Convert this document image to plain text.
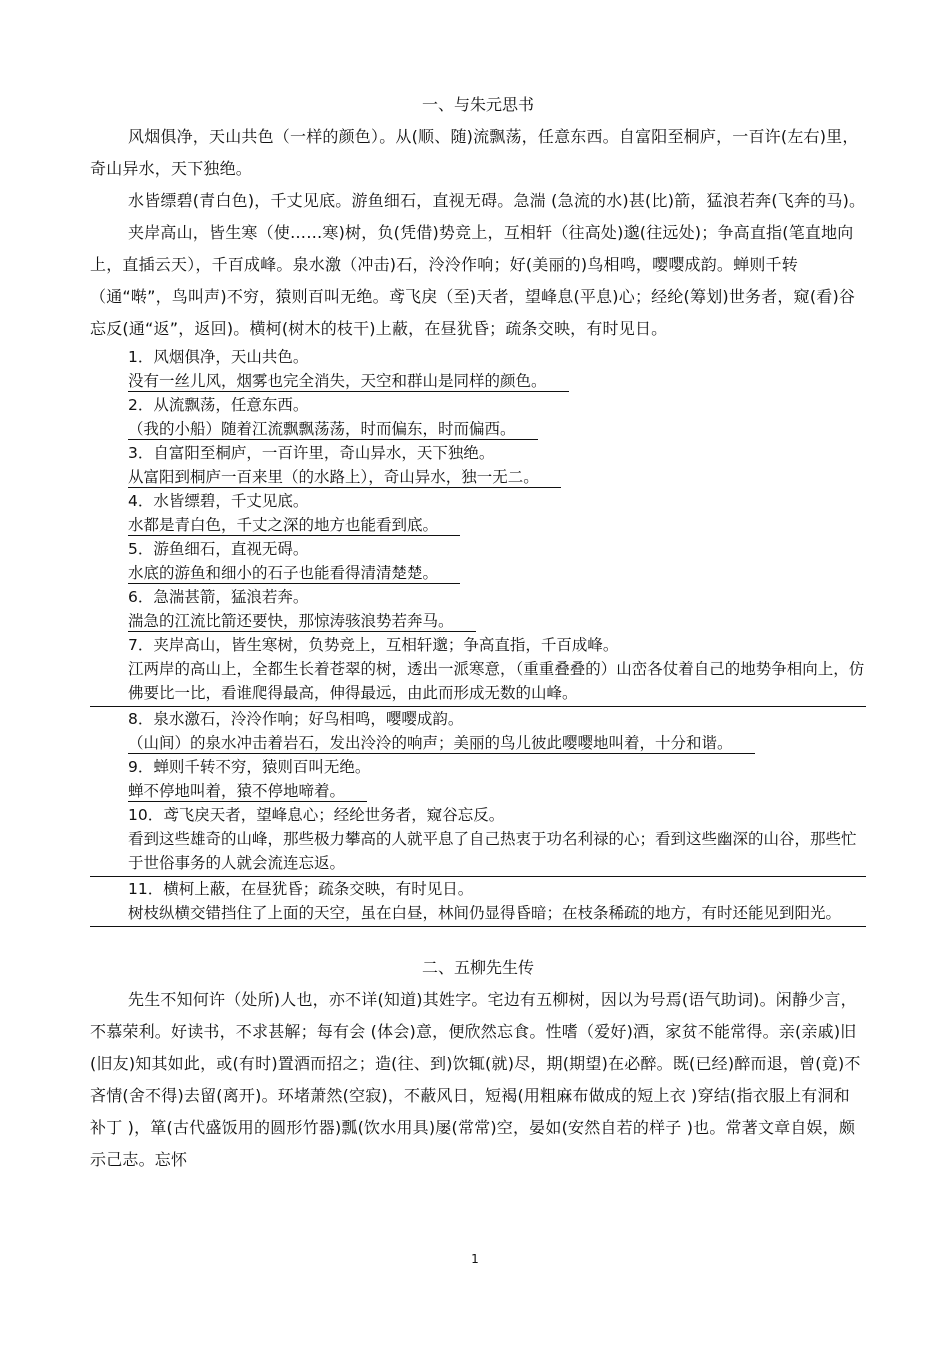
一、与朱元思书

风烟俱净，天山共色（一样的颜色）。从(顺、随)流飘荡，任意东西。自富阳至桐庐，一百许(左右)里，奇山异水，天下独绝。

水皆缥碧(青白色)，千丈见底。游鱼细石，直视无碍。急湍 (急流的水)甚(比)箭，猛浪若奔(飞奔的马)。

夹岸高山，皆生寒（使……寒)树，负(凭借)势竞上，互相轩（往高处)邈(往远处)；争高直指(笔直地向上，直插云天），千百成峰。泉水激（冲击)石，泠泠作响；好(美丽的)鸟相鸣，嘤嘤成韵。蝉则千转（通“啭”，鸟叫声)不穷，猿则百叫无绝。鸢飞戾（至)天者，望峰息(平息)心；经纶(筹划)世务者，窥(看)谷忘反(通“返”，返回)。横柯(树木的枝干)上蔽，在昼犹昏；疏条交映，有时见日。

1．风烟俱净，天山共色。

没有一丝儿风，烟雾也完全消失，天空和群山是同样的颜色。

2．从流飘荡，任意东西。

（我的小船）随着江流飘飘荡荡，时而偏东，时而偏西。

3．自富阳至桐庐，一百许里，奇山异水，天下独绝。

从富阳到桐庐一百来里（的水路上），奇山异水，独一无二。

4．水皆缥碧，千丈见底。

水都是青白色，千丈之深的地方也能看到底。

5．游鱼细石，直视无碍。

水底的游鱼和细小的石子也能看得清清楚楚。

6．急湍甚箭，猛浪若奔。

湍急的江流比箭还要快，那惊涛骇浪势若奔马。

7．夹岸高山，皆生寒树，负势竞上，互相轩邈；争高直指，千百成峰。

江两岸的高山上，全都生长着苍翠的树，透出一派寒意，（重重叠叠的）山峦各仗着自己的地势争相向上，仿佛要比一比，看谁爬得最高，伸得最远，由此而形成无数的山峰。

8．泉水激石，泠泠作响；好鸟相鸣，嘤嘤成韵。

（山间）的泉水冲击着岩石，发出泠泠的响声；美丽的鸟儿彼此嘤嘤地叫着，十分和谐。

9．蝉则千转不穷，猿则百叫无绝。

蝉不停地叫着，猿不停地啼着。

10．鸢飞戾天者，望峰息心；经纶世务者，窥谷忘反。

看到这些雄奇的山峰，那些极力攀高的人就平息了自己热衷于功名利禄的心；看到这些幽深的山谷，那些忙于世俗事务的人就会流连忘返。

11．横柯上蔽，在昼犹昏；疏条交映，有时见日。

树枝纵横交错挡住了上面的天空，虽在白昼，林间仍显得昏暗；在枝条稀疏的地方，有时还能见到阳光。

二、五柳先生传

先生不知何许（处所)人也，亦不详(知道)其姓字。宅边有五柳树，因以为号焉(语气助词)。闲静少言，不慕荣利。好读书，不求甚解；每有会 (体会)意，便欣然忘食。性嗜（爱好)酒，家贫不能常得。亲(亲戚)旧(旧友)知其如此，或(有时)置酒而招之；造(往、到)饮辄(就)尽，期(期望)在必醉。既(已经)醉而退，曾(竟)不吝情(舍不得)去留(离开)。环堵萧然(空寂)，不蔽风日，短褐(用粗麻布做成的短上衣 )穿结(指衣服上有洞和补丁 )，箪(古代盛饭用的圆形竹器)瓢(饮水用具)屡(常常)空，晏如(安然自若的样子 )也。常著文章自娱，颇示己志。忘怀

1
